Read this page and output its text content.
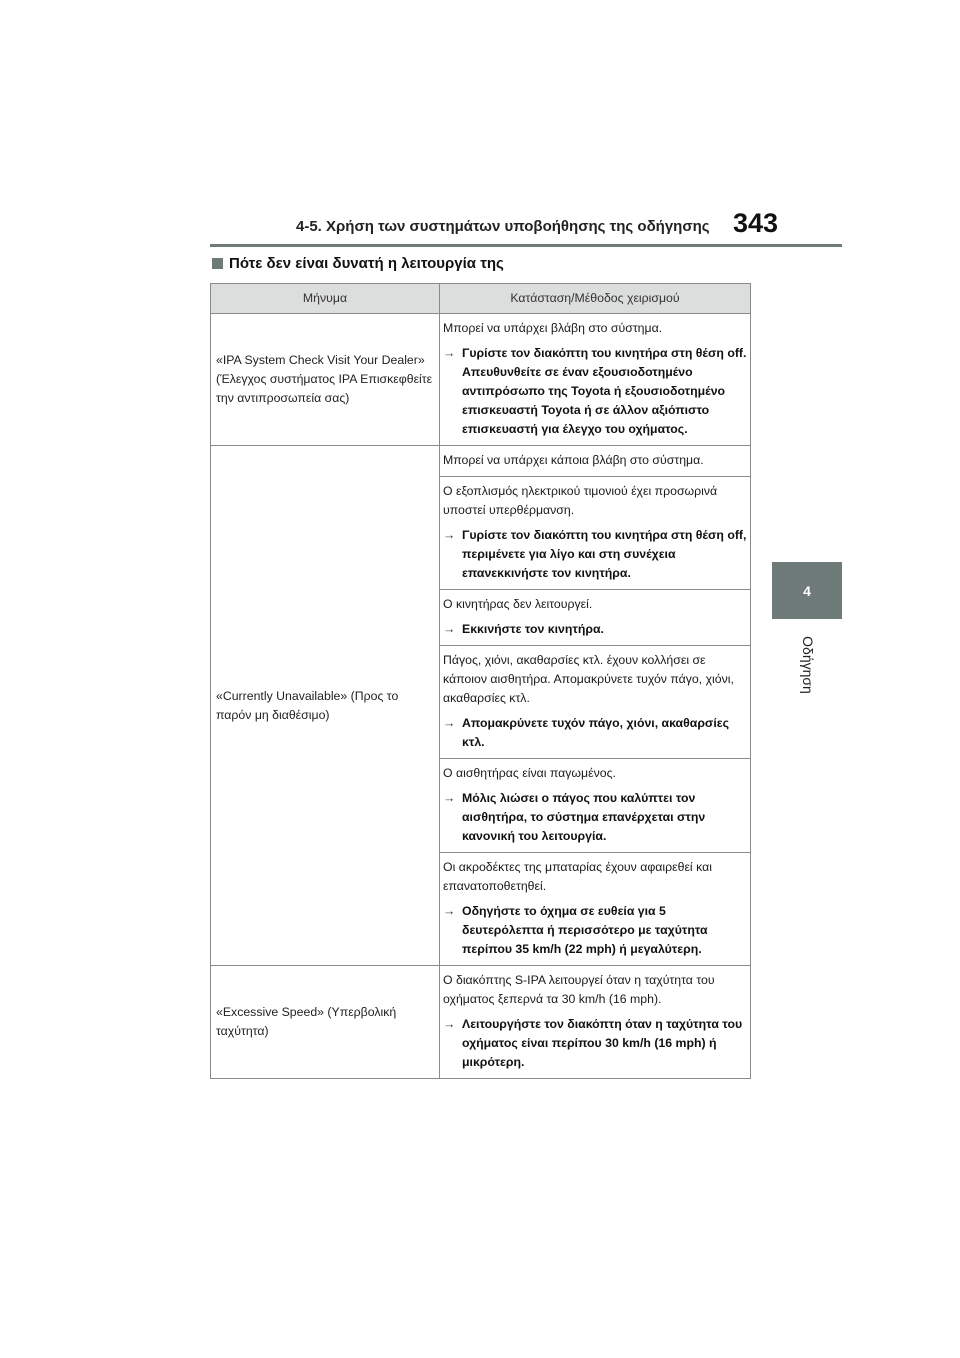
4-5. Χρήση των συστημάτων υποβοήθησης της οδήγησης 343
4
Οδήγηση
Πότε δεν είναι δυνατή η λειτουργία της
Μήνυμα	Κατάσταση/Μέθοδος χειρισμού
«IPA System Check Visit Your Dealer» (Έλεγχος συστήματος IPA Επισκεφθείτε την αντιπροσωπεία σας)	Μπορεί να υπάρχει βλάβη στο σύστημα.

→ Γυρίστε τον διακόπτη του κινητήρα στη θέση off. Απευθυνθείτε σε έναν εξουσιοδοτημένο αντιπρόσωπο της Toyota ή εξουσιοδοτημένο επισκευαστή Toyota ή σε άλλον αξιόπιστο επισκευαστή για έλεγχο του οχήματος.

«Currently Unavailable» (Προς το παρόν μη διαθέσιμο)	Μπορεί να υπάρχει κάποια βλάβη στο σύστημα.

	Ο εξοπλισμός ηλεκτρικού τιμονιού έχει προσωρινά υποστεί υπερθέρμανση.

→ Γυρίστε τον διακόπτη του κινητήρα στη θέση off, περιμένετε για λίγο και στη συνέχεια επανεκκινήστε τον κινητήρα.

	Ο κινητήρας δεν λειτουργεί.

→ Εκκινήστε τον κινητήρα.

	Πάγος, χιόνι, ακαθαρσίες κτλ. έχουν κολλήσει σε κάποιον αισθητήρα. Απομακρύνετε τυχόν πάγο, χιόνι, ακαθαρσίες κτλ.

→ Απομακρύνετε τυχόν πάγο, χιόνι, ακαθαρσίες κτλ.

	Ο αισθητήρας είναι παγωμένος.

→ Μόλις λιώσει ο πάγος που καλύπτει τον αισθητήρα, το σύστημα επανέρχεται στην κανονική του λειτουργία.

	Οι ακροδέκτες της μπαταρίας έχουν αφαιρεθεί και επανατοποθετηθεί.

→ Οδηγήστε το όχημα σε ευθεία για 5 δευτερόλεπτα ή περισσότερο με ταχύτητα περίπου 35 km/h (22 mph) ή μεγαλύτερη.

«Excessive Speed» (Υπερβολική ταχύτητα)	Ο διακόπτης S-IPA λειτουργεί όταν η ταχύτητα του οχήματος ξεπερνά τα 30 km/h (16 mph).

→ Λειτουργήστε τον διακόπτη όταν η ταχύτητα του οχήματος είναι περίπου 30 km/h (16 mph) ή μικρότερη.
